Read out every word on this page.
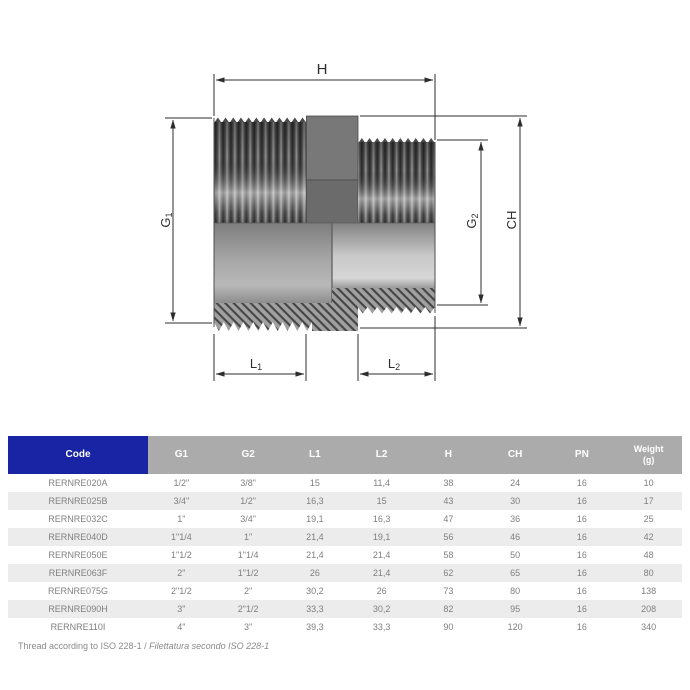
H
G1
G2 CH
L1	L2
Code	G1	G2	L1	L2	H	CH	PN	Weight
(g)

RERNRE020A	1/2"	3/8"	15	11,4	38	24	16	10
RERNRE025B	3/4"	1/2"	16,3	15	43	30	16	17
RERNRE032C	1"	3/4"	19,1	16,3	47	36	16	25
RERNRE040D	1"1/4	1"	21,4	19,1	56	46	16	42
RERNRE050E	1"1/2	1"1/4	21,4	21,4	58	50	16	48
RERNRE063F	2"	1"1/2	26	21,4	62	65	16	80
RERNRE075G	2"1/2	2"	30,2	26	73	80	16	138
RERNRE090H	3"	2"1/2	33,3	30,2	82	95	16	208
RERNRE110I	4"	3"	39,3	33,3	90	120	16	340
Thread according to ISO 228-1 / Filettatura secondo ISO 228-1
